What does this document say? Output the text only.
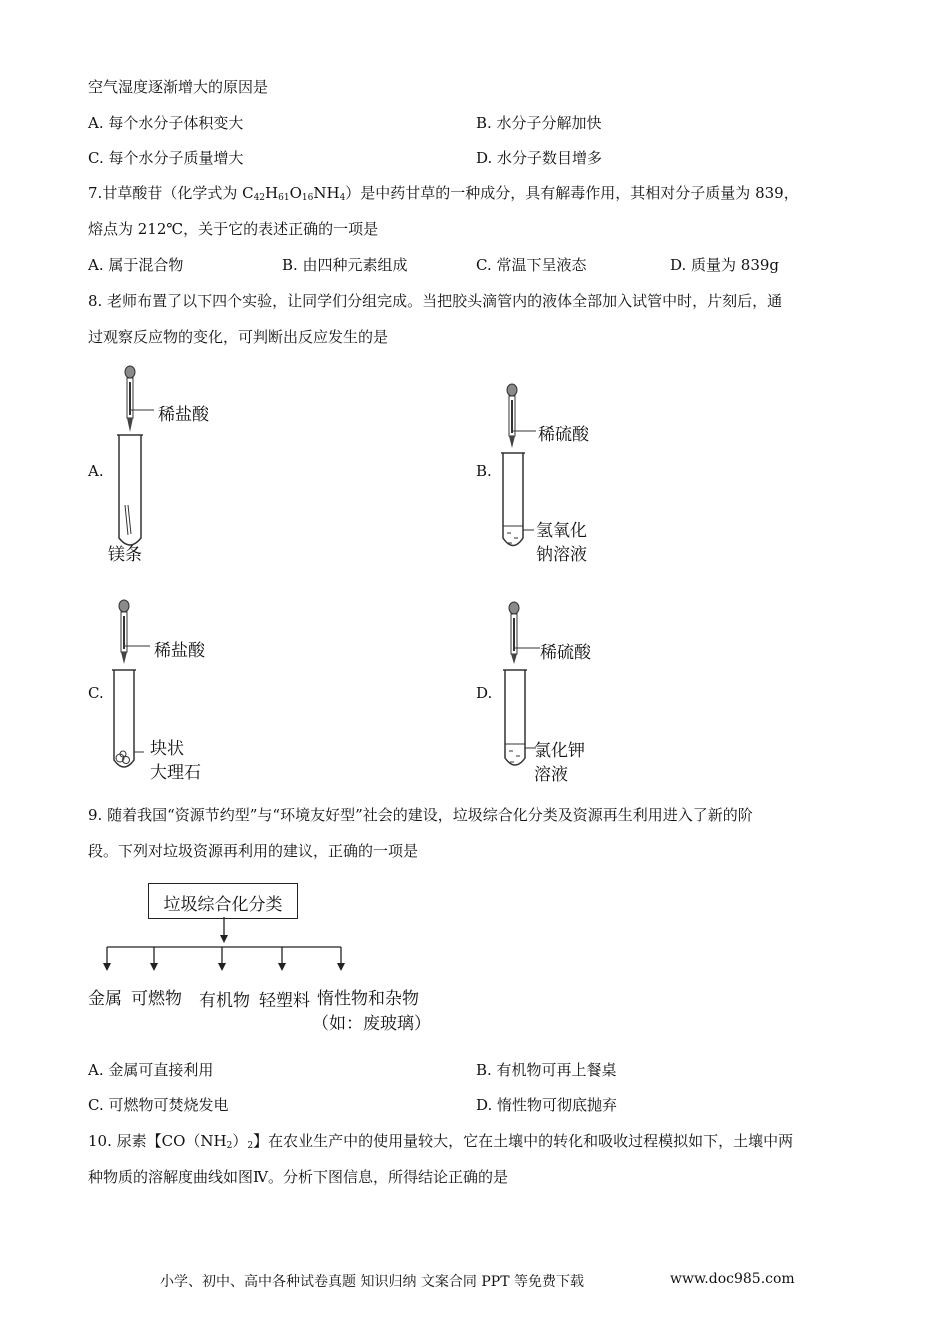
空气湿度逐渐增大的原因是
A. 每个水分子体积变大	B. 水分子分解加快
C. 每个水分子质量增大	D. 水分子数目增多
7.甘草酸苷（化学式为 $C_{42}H_{61}O_{16}NH_4$）是中药甘草的一种成分，具有解毒作用，其相对分子质量为 839，
熔点为 212℃，关于它的表述正确的一项是
A. 属于混合物	B. 由四种元素组成	C. 常温下呈液态	D. 质量为 839g
8. 老师布置了以下四个实验，让同学们分组完成。当把胶头滴管内的液体全部加入试管中时，片刻后，通
过观察反应物的变化，可判断出反应发生的是
A.
稀盐酸
镁条
B.
稀硫酸
氢氧化
钠溶液
C.
稀盐酸
块状
大理石
D.
稀硫酸
氯化钾
溶液
9. 随着我国“资源节约型”与“环境友好型”社会的建设，垃圾综合化分类及资源再生利用进入了新的阶
段。下列对垃圾资源再利用的建议，正确的一项是
垃圾综合化分类
金属 可燃物 有机物 轻塑料 惰性物和杂物
（如：废玻璃）
A. 金属可直接利用	B. 有机物可再上餐桌
C. 可燃物可焚烧发电	D. 惰性物可彻底抛弃
10. 尿素【$CO(NH_2)_2$】在农业生产中的使用量较大，它在土壤中的转化和吸收过程模拟如下，土壤中两
种物质的溶解度曲线如图Ⅳ。分析下图信息，所得结论正确的是
小学、初中、高中各种试卷真题 知识归纳 文案合同 PPT 等免费下载	www.doc985.com
